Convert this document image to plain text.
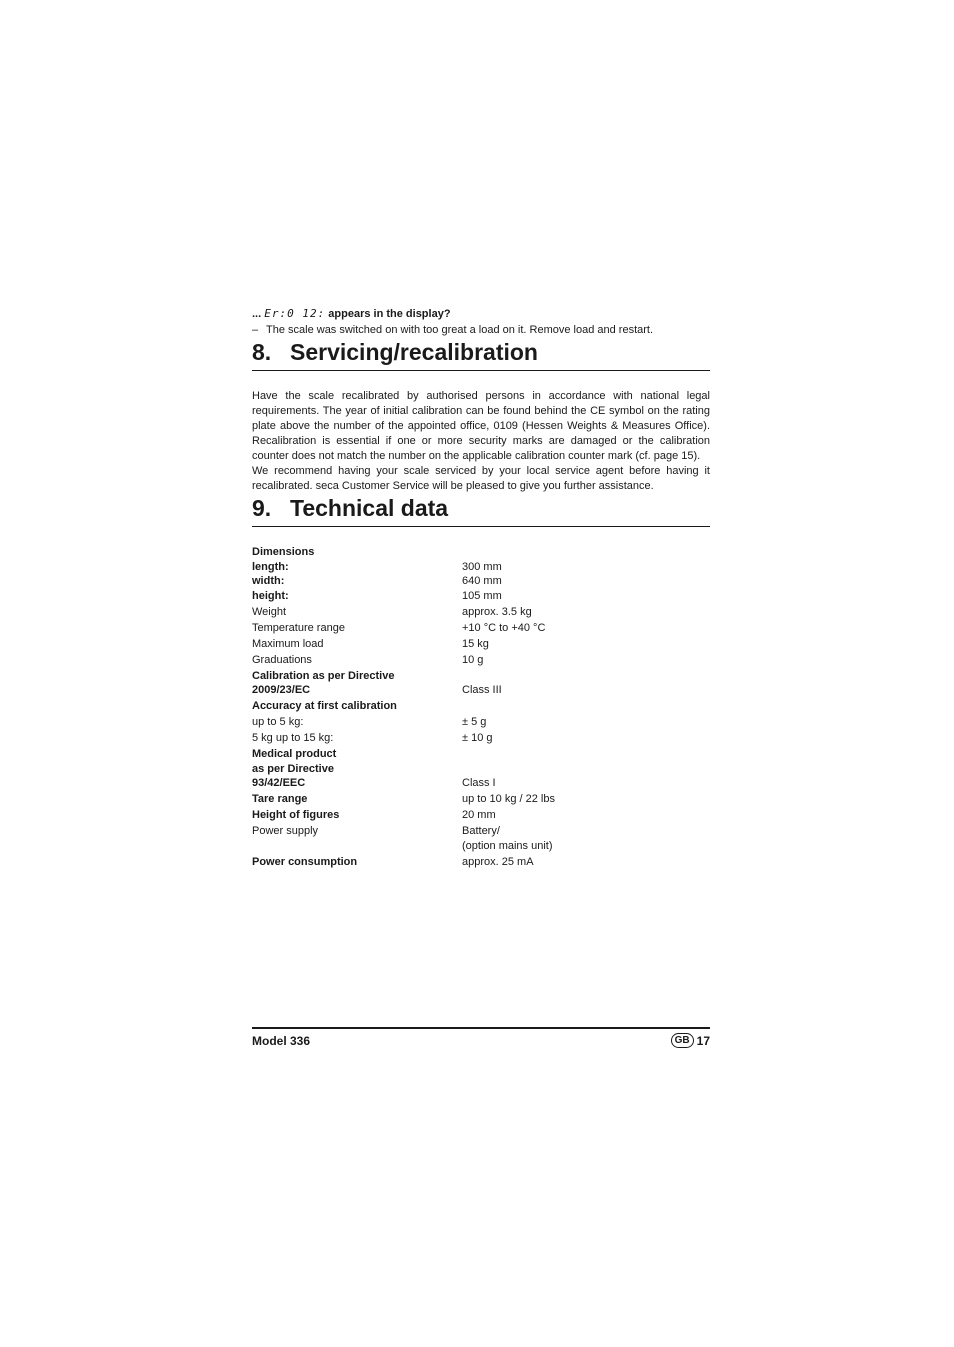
... Er:0 12: appears in the display?

– The scale was switched on with too great a load on it. Remove load and restart.

8. Servicing/recalibration

Have the scale recalibrated by authorised persons in accordance with national legal requirements. The year of initial calibration can be found behind the CE symbol on the rating plate above the number of the appointed office, 0109 (Hessen Weights & Measures Office). Recalibration is essential if one or more security marks are damaged or the calibration counter does not match the number on the applicable calibration counter mark (cf. page 15).

We recommend having your scale serviced by your local service agent before having it recalibrated. seca Customer Service will be pleased to give you further assistance.

9. Technical data
Dimensions	
length:	300 mm
width:	640 mm
height:	105 mm
Weight	approx. 3.5 kg
Temperature range	+10 °C to +40 °C
Maximum load	15 kg
Graduations	10 g
Calibration as per Directive	
2009/23/EC	Class III
Accuracy at first calibration	
up to 5 kg:	± 5 g
5 kg up to 15 kg:	± 10 g
Medical product	
as per Directive	
93/42/EEC	Class I
Tare range	up to 10 kg / 22 lbs
Height of figures	20 mm
Power supply	Battery/
	(option mains unit)
Power consumption	approx. 25 mA
Model 336	GB 17
